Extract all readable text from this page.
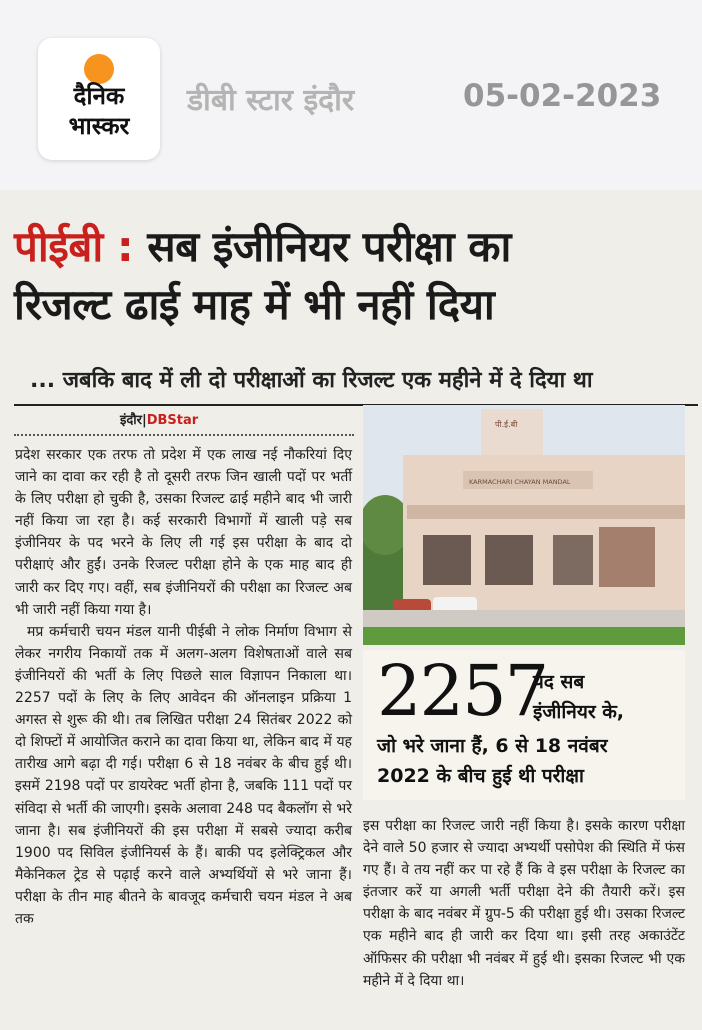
दैनिक
भास्कर
डीबी स्टार इंदौर	05-02-2023
पीईबी : सब इंजीनियर परीक्षा का
रिजल्ट ढाई माह में भी नहीं दिया
... जबकि बाद में ली दो परीक्षाओं का रिजल्ट एक महीने में दे दिया था
इंदौर|DBStar

प्रदेश सरकार एक तरफ तो प्रदेश में एक लाख नई नौकरियां दिए जाने का दावा कर रही है तो दूसरी तरफ जिन खाली पदों पर भर्ती के लिए परीक्षा हो चुकी है, उसका रिजल्ट ढाई महीने बाद भी जारी नहीं किया जा रहा है। कई सरकारी विभागों में खाली पड़े सब इंजीनियर के पद भरने के लिए ली गई इस परीक्षा के बाद दो परीक्षाएं और हुईं। उनके रिजल्ट परीक्षा होने के एक माह बाद ही जारी कर दिए गए। वहीं, सब इंजीनियरों की परीक्षा का रिजल्ट अब भी जारी नहीं किया गया है।

मप्र कर्मचारी चयन मंडल यानी पीईबी ने लोक निर्माण विभाग से लेकर नगरीय निकायों तक में अलग-अलग विशेषताओं वाले सब इंजीनियरों की भर्ती के लिए पिछले साल विज्ञापन निकाला था। 2257 पदों के लिए के लिए आवेदन की ऑनलाइन प्रक्रिया 1 अगस्त से शुरू की थी। तब लिखित परीक्षा 24 सितंबर 2022 को दो शिफ्टों में आयोजित कराने का दावा किया था, लेकिन बाद में यह तारीख आगे बढ़ा दी गई। परीक्षा 6 से 18 नवंबर के बीच हुई थी। इसमें 2198 पदों पर डायरेक्ट भर्ती होना है, जबकि 111 पदों पर संविदा से भर्ती की जाएगी। इसके अलावा 248 पद बैकलॉग से भरे जाना है। सब इंजीनियरों की इस परीक्षा में सबसे ज्यादा करीब 1900 पद सिविल इंजीनियर्स के हैं। बाकी पद इलेक्ट्रिकल और मैकेनिकल ट्रेड से पढ़ाई करने वाले अभ्यर्थियों से भरे जाना हैं। परीक्षा के तीन माह बीतने के बावजूद कर्मचारी चयन मंडल ने अब तक

पी.ई.बी
KARMACHARI CHAYAN MANDAL
2257
पद सब
इंजीनियर के,
जो भरे जाना हैं, 6 से 18 नवंबर
2022 के बीच हुई थी परीक्षा

इस परीक्षा का रिजल्ट जारी नहीं किया है। इसके कारण परीक्षा देने वाले 50 हजार से ज्यादा अभ्यर्थी पसोपेश की स्थिति में फंस गए हैं। वे तय नहीं कर पा रहे हैं कि वे इस परीक्षा के रिजल्ट का इंतजार करें या अगली भर्ती परीक्षा देने की तैयारी करें। इस परीक्षा के बाद नवंबर में ग्रुप-5 की परीक्षा हुई थी। उसका रिजल्ट एक महीने बाद ही जारी कर दिया था। इसी तरह अकाउंटेंट ऑफिसर की परीक्षा भी नवंबर में हुई थी। इसका रिजल्ट भी एक महीने में दे दिया था।
